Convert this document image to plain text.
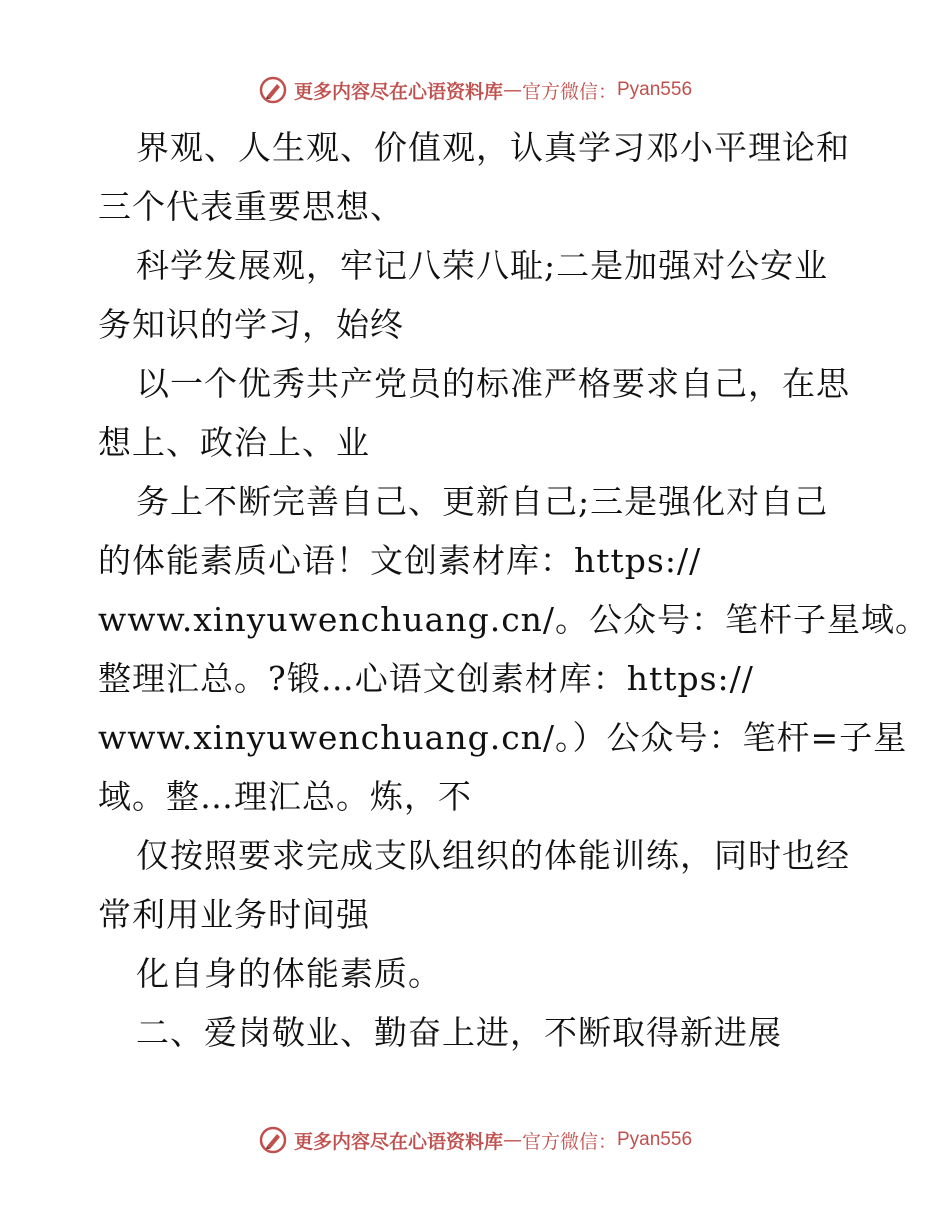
更多内容尽在心语资料库 — 官方微信： Pyan556
界观、人生观、价值观，认真学习邓小平理论和
三个代表重要思想、
科学发展观，牢记八荣八耻;二是加强对公安业
务知识的学习，始终
以一个优秀共产党员的标准严格要求自己，在思
想上、政治上、业
务上不断完善自己、更新自己;三是强化对自己
的体能素质心语！文创素材库：https://
www.xinyuwenchuang.cn/。公众号：笔杆子星域。
整理汇总。?锻…心语文创素材库：https://
www.xinyuwenchuang.cn/。）公众号：笔杆=子星
域。整…理汇总。炼，不
仅按照要求完成支队组织的体能训练，同时也经
常利用业务时间强
化自身的体能素质。
二、爱岗敬业、勤奋上进，不断取得新进展
更多内容尽在心语资料库 — 官方微信： Pyan556
